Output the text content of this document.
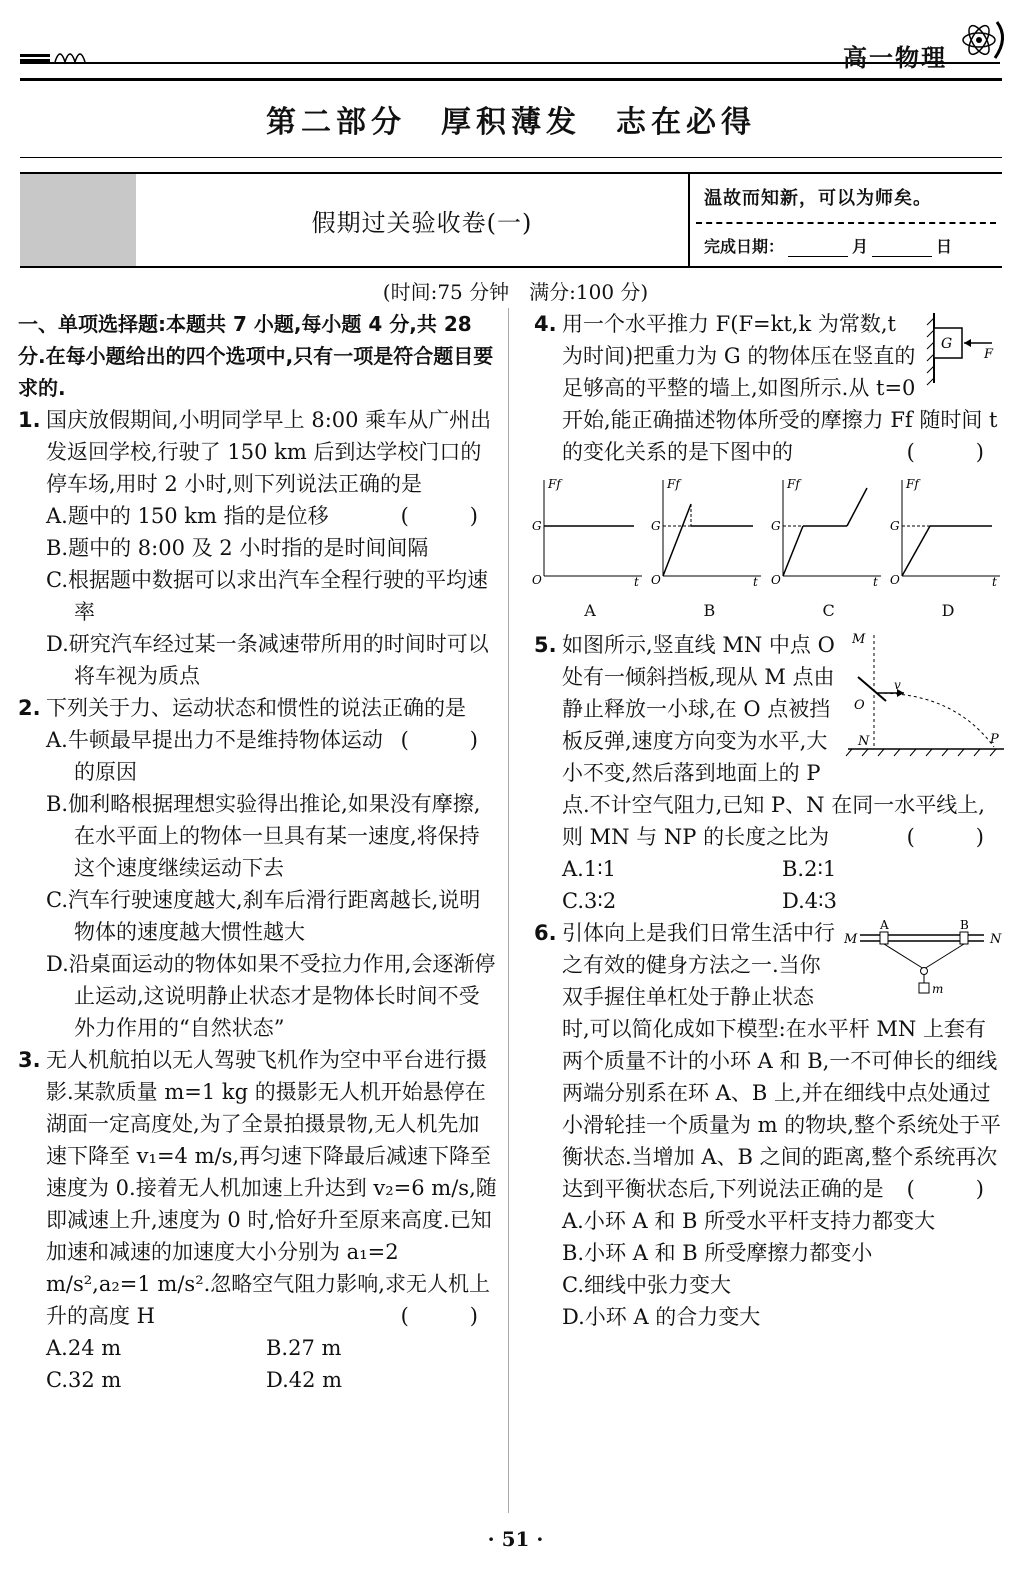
高一物理
第二部分　厚积薄发　志在必得
假期过关验收卷(一)
温故而知新，可以为师矣。
完成日期：	月	日
(时间:75 分钟　满分:100 分)
一、单项选择题:本题共 7 小题,每小题 4 分,共 28 分.在每小题给出的四个选项中,只有一项是符合题目要求的.
1. 国庆放假期间,小明同学早上 8:00 乘车从广州出发返回学校,行驶了 150 km 后到达学校门口的停车场,用时 2 小时,则下列说法正确的是
(　)
A.题中的 150 km 指的是位移
B.题中的 8:00 及 2 小时指的是时间间隔
C.根据题中数据可以求出汽车全程行驶的平均速率
D.研究汽车经过某一条减速带所用的时间时可以将车视为质点
2. 下列关于力、运动状态和惯性的说法正确的是
(　)
A.牛顿最早提出力不是维持物体运动的原因
B.伽利略根据理想实验得出推论,如果没有摩擦,在水平面上的物体一旦具有某一速度,将保持这个速度继续运动下去
C.汽车行驶速度越大,刹车后滑行距离越长,说明物体的速度越大惯性越大
D.沿桌面运动的物体如果不受拉力作用,会逐渐停止运动,这说明静止状态才是物体长时间不受外力作用的“自然状态”
3. 无人机航拍以无人驾驶飞机作为空中平台进行摄影.某款质量 m=1 kg 的摄影无人机开始悬停在湖面一定高度处,为了全景拍摄景物,无人机先加速下降至 v₁=4 m/s,再匀速下降最后减速下降至速度为 0.接着无人机加速上升达到 v₂=6 m/s,随即减速上升,速度为 0 时,恰好升至原来高度.已知加速和减速的加速度大小分别为 a₁=2 m/s²,a₂=1 m/s².忽略空气阻力影响,求无人机上升的高度 H	(　)
A.24 m	B.27 m
C.32 m	D.42 m
G
F
4. 用一个水平推力 F(F=kt,k 为常数,t 为时间)把重力为 G 的物体压在竖直的足够高的平整的墙上,如图所示.从 t=0 开始,能正确描述物体所受的摩擦力 Ff 随时间 t 的变化关系的是下图中的	(　)
Ff
G
O	t
A
Ff
G
O	t
B
Ff
G
O	t
C
Ff
G
O	t
D
M
O
v
N	P
5. 如图所示,竖直线 MN 中点 O 处有一倾斜挡板,现从 M 点由静止释放一小球,在 O 点被挡板反弹,速度方向变为水平,大小不变,然后落到地面上的 P 点.不计空气阻力,已知 P、N 在同一水平线上,则 MN 与 NP 的长度之比为	(　)
A.1∶1	B.2∶1
C.3∶2	D.4∶3
M	N
A	B
m
6. 引体向上是我们日常生活中行之有效的健身方法之一.当你双手握住单杠处于静止状态时,可以简化成如下模型:在水平杆 MN 上套有两个质量不计的小环 A 和 B,一不可伸长的细线两端分别系在环 A、B 上,并在细线中点处通过小滑轮挂一个质量为 m 的物块,整个系统处于平衡状态.当增加 A、B 之间的距离,整个系统再次达到平衡状态后,下列说法正确的是 (　)
A.小环 A 和 B 所受水平杆支持力都变大
B.小环 A 和 B 所受摩擦力都变小
C.细线中张力变大
D.小环 A 的合力变大
· 51 ·
